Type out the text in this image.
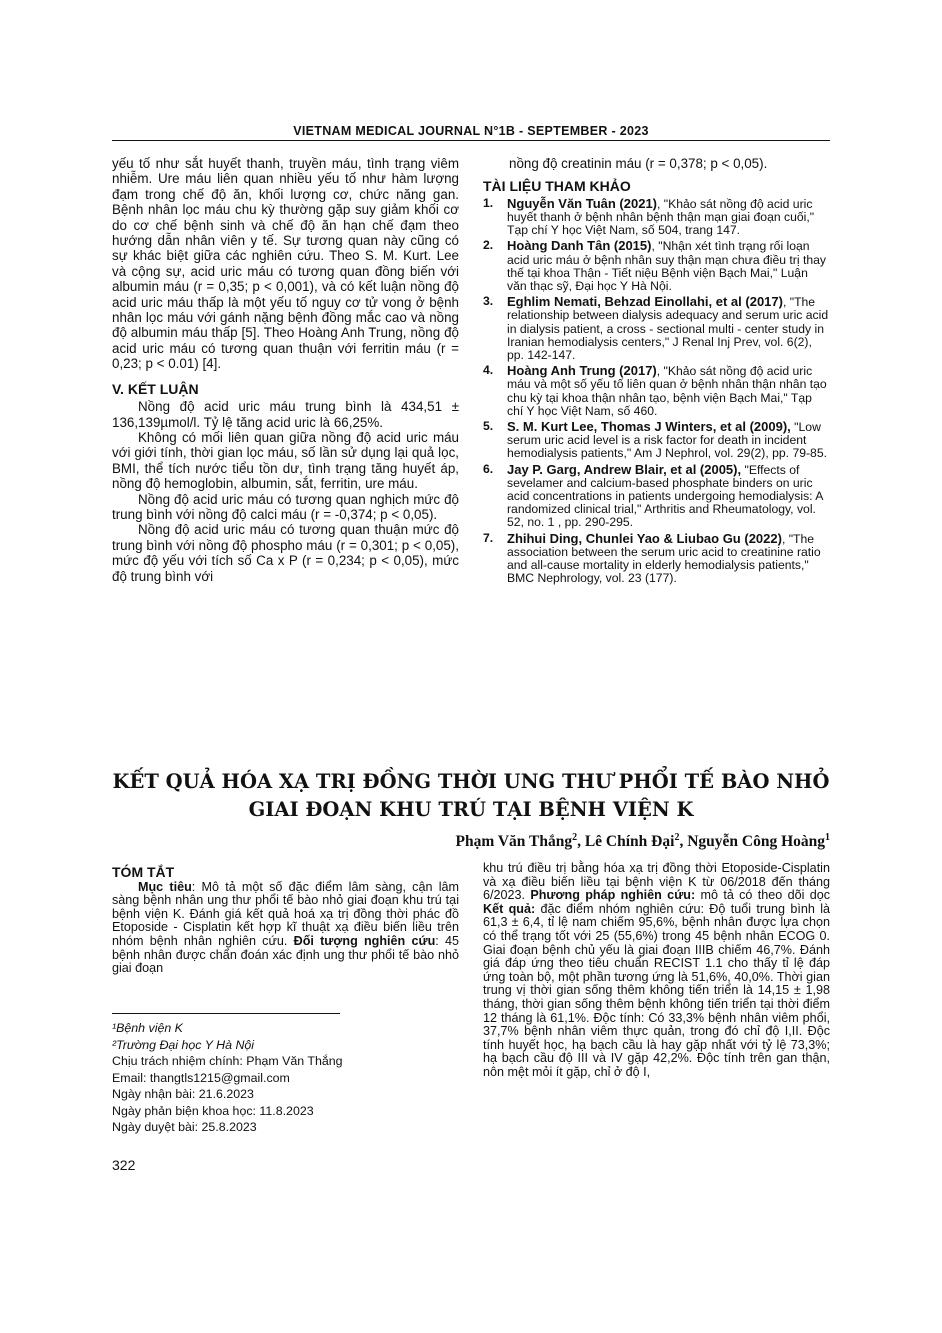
VIETNAM MEDICAL JOURNAL N°1B - SEPTEMBER - 2023

yếu tố như sắt huyết thanh, truyền máu, tình trạng viêm nhiễm. Ure máu liên quan nhiều yếu tố như hàm lượng đạm trong chế độ ăn, khối lượng cơ, chức năng gan. Bệnh nhân lọc máu chu kỳ thường gặp suy giảm khối cơ do cơ chế bệnh sinh và chế độ ăn hạn chế đạm theo hướng dẫn nhân viên y tế. Sự tương quan này cũng có sự khác biệt giữa các nghiên cứu. Theo S. M. Kurt. Lee và cộng sự, acid uric máu có tương quan đồng biến với albumin máu (r = 0,35; p < 0,001), và có kết luận nồng độ acid uric máu thấp là một yếu tố nguy cơ tử vong ở bệnh nhân lọc máu với gánh nặng bệnh đồng mắc cao và nồng độ albumin máu thấp [5]. Theo Hoàng Anh Trung, nồng độ acid uric máu có tương quan thuận với ferritin máu (r = 0,23; p < 0.01) [4].

V. KẾT LUẬN

Nồng độ acid uric máu trung bình là 434,51 ± 136,139µmol/l. Tỷ lệ tăng acid uric là 66,25%.

Không có mối liên quan giữa nồng độ acid uric máu với giới tính, thời gian lọc máu, số lần sử dụng lại quả lọc, BMI, thể tích nước tiểu tồn dư, tình trạng tăng huyết áp, nồng độ hemoglobin, albumin, sắt, ferritin, ure máu.

Nồng độ acid uric máu có tương quan nghịch mức độ trung bình với nồng độ calci máu (r = -0,374; p < 0,05).

Nồng độ acid uric máu có tương quan thuận mức độ trung bình với nồng độ phospho máu (r = 0,301; p < 0,05), mức độ yếu với tích số Ca x P (r = 0,234; p < 0,05), mức độ trung bình với

nồng độ creatinin máu (r = 0,378; p < 0,05).

TÀI LIỆU THAM KHẢO

1.	Nguyễn Văn Tuân (2021), "Khảo sát nồng độ acid uric huyết thanh ở bệnh nhân bệnh thận mạn giai đoạn cuối," Tạp chí Y học Việt Nam, số 504, trang 147.
2.	Hoàng Danh Tân (2015), "Nhận xét tình trạng rối loạn acid uric máu ở bệnh nhân suy thận mạn chưa điều trị thay thế tại khoa Thận - Tiết niệu Bệnh viện Bạch Mai," Luận văn thạc sỹ, Đại học Y Hà Nội.
3.	Eghlim Nemati, Behzad Einollahi, et al (2017), "The relationship between dialysis adequacy and serum uric acid in dialysis patient, a cross - sectional multi - center study in Iranian hemodialysis centers," J Renal Inj Prev, vol. 6(2), pp. 142-147.
4.	Hoàng Anh Trung (2017), "Khảo sát nồng độ acid uric máu và một số yếu tố liên quan ở bệnh nhân thận nhân tạo chu kỳ tại khoa thận nhân tạo, bệnh viện Bạch Mai," Tạp chí Y học Việt Nam, số 460.
5.	S. M. Kurt Lee, Thomas J Winters, et al (2009), "Low serum uric acid level is a risk factor for death in incident hemodialysis patients," Am J Nephrol, vol. 29(2), pp. 79-85.
6.	Jay P. Garg, Andrew Blair, et al (2005), "Effects of sevelamer and calcium-based phosphate binders on uric acid concentrations in patients undergoing hemodialysis: A randomized clinical trial," Arthritis and Rheumatology, vol. 52, no. 1 , pp. 290-295.
7.	Zhihui Ding, Chunlei Yao & Liubao Gu (2022), "The association between the serum uric acid to creatinine ratio and all-cause mortality in elderly hemodialysis patients," BMC Nephrology, vol. 23 (177).
KẾT QUẢ HÓA XẠ TRỊ ĐỒNG THỜI UNG THƯ PHỔI TẾ BÀO NHỎ
GIAI ĐOẠN KHU TRÚ TẠI BỆNH VIỆN K
Phạm Văn Thắng$^2$, Lê Chính Đại$^2$, Nguyễn Công Hoàng$^1$

TÓM TẮT

Mục tiêu: Mô tả một số đặc điểm lâm sàng, cận lâm sàng bệnh nhân ung thư phổi tế bào nhỏ giai đoạn khu trú tại bệnh viện K. Đánh giá kết quả hoá xạ trị đồng thời phác đồ Etoposide - Cisplatin kết hợp kĩ thuật xạ điều biến liều trên nhóm bệnh nhân nghiên cứu. Đối tượng nghiên cứu: 45 bệnh nhân được chẩn đoán xác định ung thư phổi tế bào nhỏ giai đoạn

khu trú điều trị bằng hóa xạ trị đồng thời Etoposide-Cisplatin và xạ điều biến liều tại bệnh viện K từ 06/2018 đến tháng 6/2023. Phương pháp nghiên cứu: mô tả có theo dõi dọc Kết quả: đặc điểm nhóm nghiên cứu: Độ tuổi trung bình là 61,3 ± 6,4, tỉ lệ nam chiếm 95,6%, bệnh nhân được lựa chọn có thể trạng tốt với 25 (55,6%) trong 45 bệnh nhân ECOG 0. Giai đoạn bệnh chủ yếu là giai đoạn IIIB chiếm 46,7%. Đánh giá đáp ứng theo tiêu chuẩn RECIST 1.1 cho thấy tỉ lệ đáp ứng toàn bộ, một phần tương ứng là 51,6%, 40,0%. Thời gian trung vị thời gian sống thêm không tiến triển là 14,15 ± 1,98 tháng, thời gian sống thêm bệnh không tiến triển tại thời điểm 12 tháng là 61,1%. Độc tính: Có 33,3% bệnh nhân viêm phổi, 37,7% bệnh nhân viêm thực quản, trong đó chỉ độ I,II. Độc tính huyết học, hạ bạch cầu là hay gặp nhất với tỷ lệ 73,3%; hạ bạch cầu độ III và IV gặp 42,2%. Độc tính trên gan thận, nôn mệt mỏi ít gặp, chỉ ở độ I,

¹Bệnh viện K
²Trường Đại học Y Hà Nội
Chịu trách nhiệm chính: Phạm Văn Thắng
Email: thangtls1215@gmail.com
Ngày nhận bài: 21.6.2023
Ngày phản biện khoa học: 11.8.2023
Ngày duyệt bài: 25.8.2023
322
